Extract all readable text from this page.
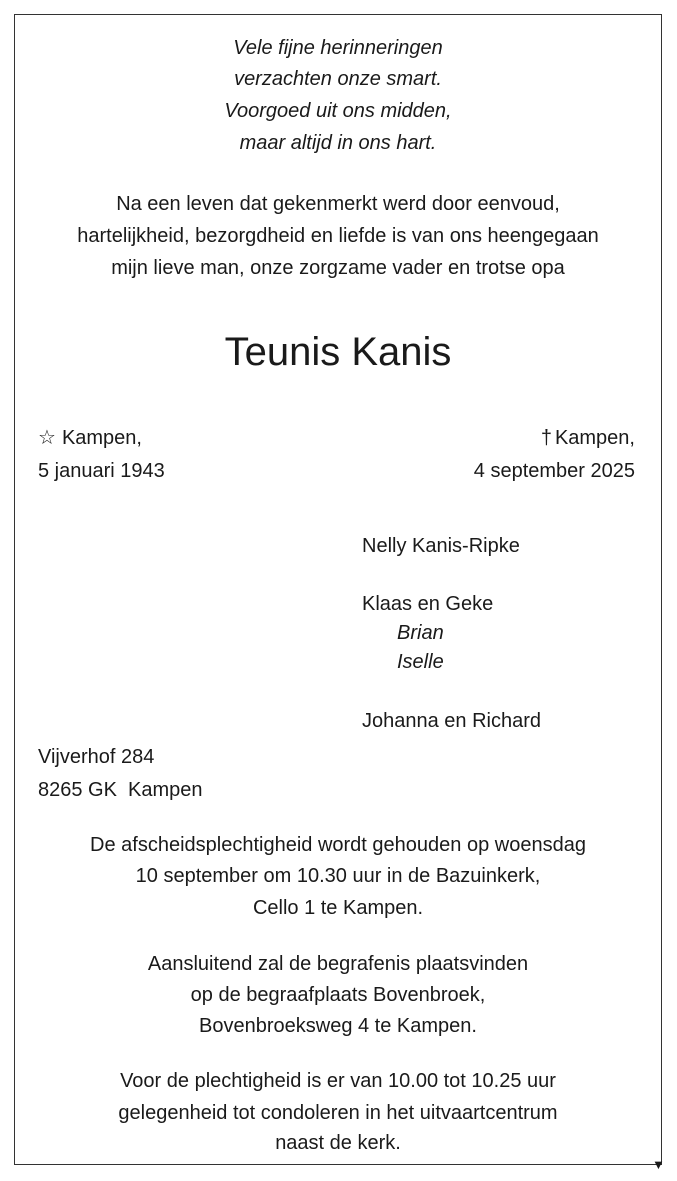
▼
Vele fijne herinneringen
verzachten onze smart.
Voorgoed uit ons midden,
maar altijd in ons hart.
Na een leven dat gekenmerkt werd door eenvoud,
hartelijkheid, bezorgdheid en liefde is van ons heengegaan
mijn lieve man, onze zorgzame vader en trotse opa
Teunis Kanis
☆ Kampen,
5 januari 1943
† Kampen,
4 september 2025
Nelly Kanis-Ripke
Klaas en Geke
Brian
Iselle
Johanna en Richard
Vijverhof 284
8265 GK  Kampen
De afscheidsplechtigheid wordt gehouden op woensdag
10 september om 10.30 uur in de Bazuinkerk,
Cello 1 te Kampen.
Aansluitend zal de begrafenis plaatsvinden
op de begraafplaats Bovenbroek,
Bovenbroeksweg 4 te Kampen.
Voor de plechtigheid is er van 10.00 tot 10.25 uur
gelegenheid tot condoleren in het uitvaartcentrum
naast de kerk.
